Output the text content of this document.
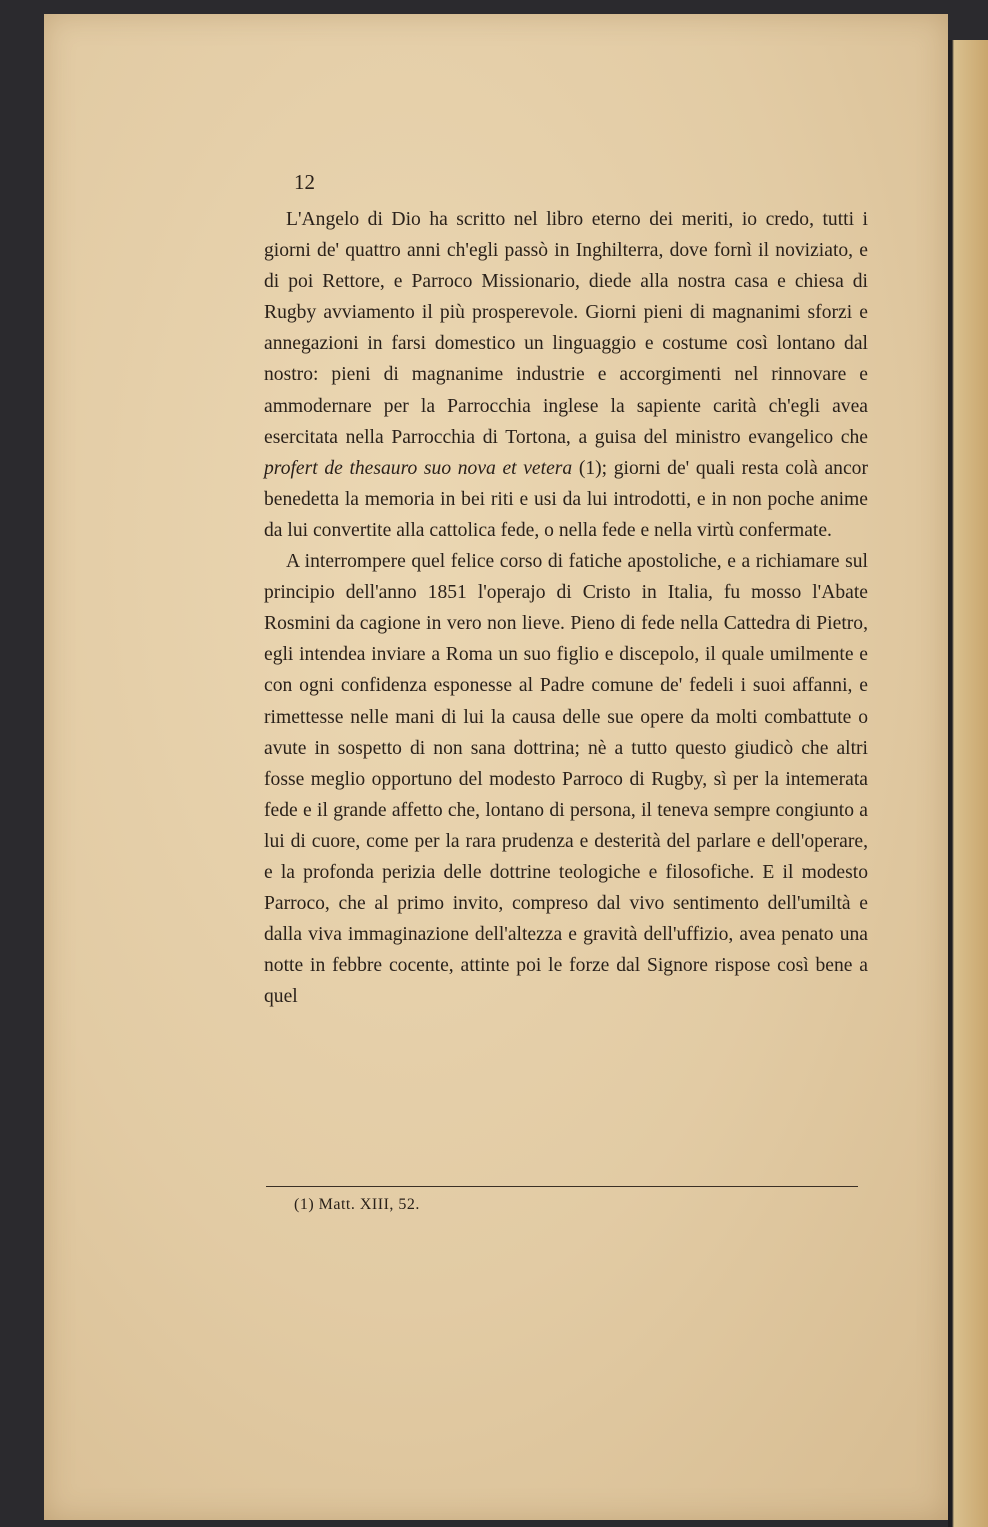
12

L'Angelo di Dio ha scritto nel libro eterno dei meriti, io credo, tutti i giorni de' quattro anni ch'egli passò in Inghilterra, dove fornì il noviziato, e di poi Rettore, e Parroco Missionario, diede alla nostra casa e chiesa di Rugby avviamento il più prosperevole. Giorni pieni di magnanimi sforzi e annegazioni in farsi domestico un linguaggio e costume così lontano dal nostro: pieni di magnanime industrie e accorgimenti nel rinnovare e ammodernare per la Parrocchia inglese la sapiente carità ch'egli avea esercitata nella Parrocchia di Tortona, a guisa del ministro evangelico che profert de thesauro suo nova et vetera (1); giorni de' quali resta colà ancor benedetta la memoria in bei riti e usi da lui introdotti, e in non poche anime da lui convertite alla cattolica fede, o nella fede e nella virtù confermate.

A interrompere quel felice corso di fatiche apostoliche, e a richiamare sul principio dell'anno 1851 l'operajo di Cristo in Italia, fu mosso l'Abate Rosmini da cagione in vero non lieve. Pieno di fede nella Cattedra di Pietro, egli intendea inviare a Roma un suo figlio e discepolo, il quale umilmente e con ogni confidenza esponesse al Padre comune de' fedeli i suoi affanni, e rimettesse nelle mani di lui la causa delle sue opere da molti combattute o avute in sospetto di non sana dottrina; nè a tutto questo giudicò che altri fosse meglio opportuno del modesto Parroco di Rugby, sì per la intemerata fede e il grande affetto che, lontano di persona, il teneva sempre congiunto a lui di cuore, come per la rara prudenza e desterità del parlare e dell'operare, e la profonda perizia delle dottrine teologiche e filosofiche. E il modesto Parroco, che al primo invito, compreso dal vivo sentimento dell'umiltà e dalla viva immaginazione dell'altezza e gravità dell'uffizio, avea penato una notte in febbre cocente, attinte poi le forze dal Signore rispose così bene a quel

(1) Matt. XIII, 52.
